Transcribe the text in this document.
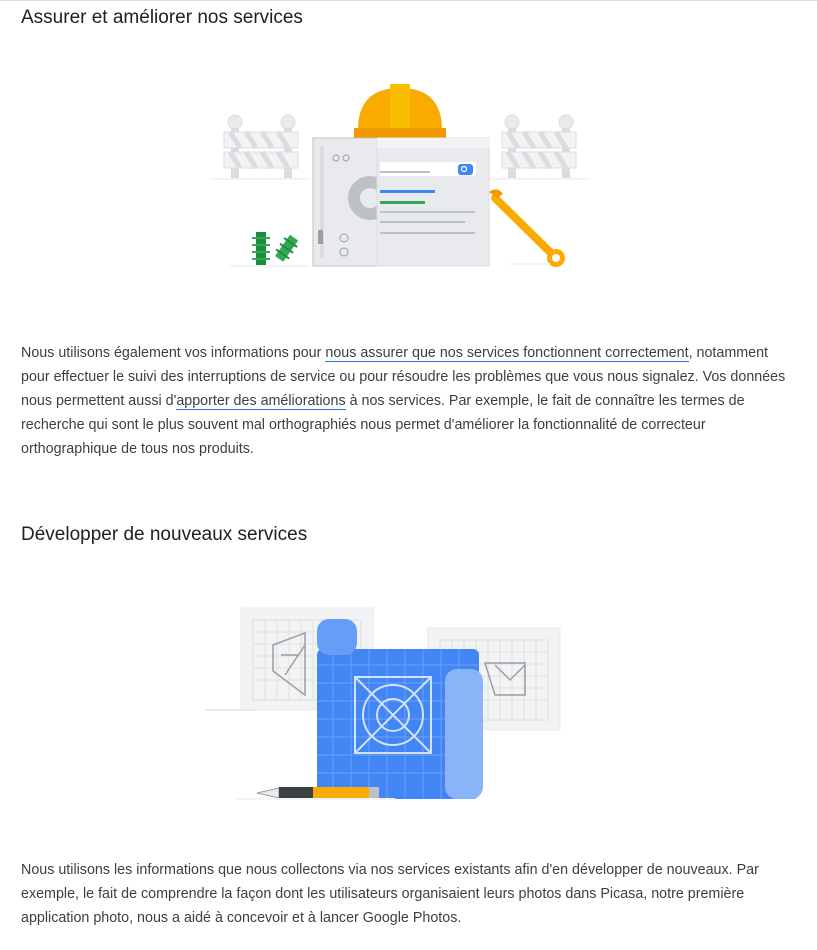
Assurer et améliorer nos services

Nous utilisons également vos informations pour nous assurer que nos services fonctionnent correctement, notamment pour effectuer le suivi des interruptions de service ou pour résoudre les problèmes que vous nous signalez. Vos données nous permettent aussi d'apporter des améliorations à nos services. Par exemple, le fait de connaître les termes de recherche qui sont le plus souvent mal orthographiés nous permet d'améliorer la fonctionnalité de correcteur orthographique de tous nos produits.

Développer de nouveaux services

Nous utilisons les informations que nous collectons via nos services existants afin d'en développer de nouveaux. Par exemple, le fait de comprendre la façon dont les utilisateurs organisaient leurs photos dans Picasa, notre première application photo, nous a aidé à concevoir et à lancer Google Photos.
